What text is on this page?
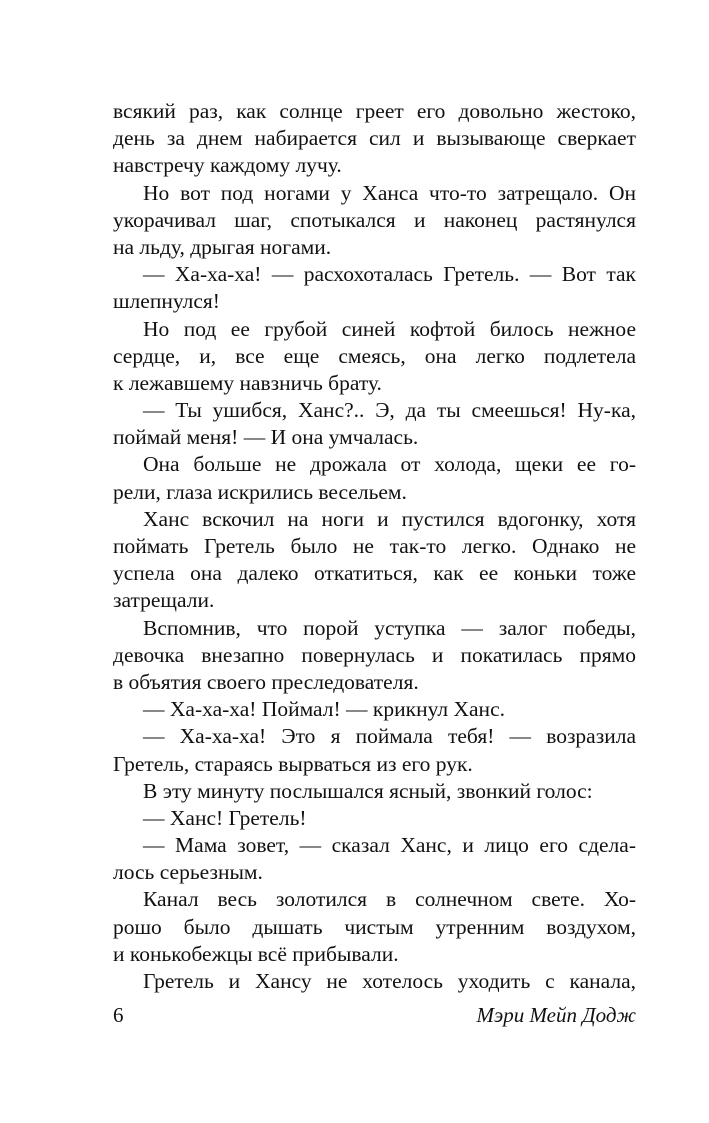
всякий раз, как солнце греет его довольно жестоко,
день за днем набирается сил и вызывающе сверкает
навстречу каждому лучу.
Но вот под ногами у Ханса что-то затрещало. Он
укорачивал шаг, спотыкался и наконец растянулся
на льду, дрыгая ногами.
— Ха-ха-ха! — расхохоталась Гретель. — Вот так
шлепнулся!
Но под ее грубой синей кофтой билось нежное
сердце, и, все еще смеясь, она легко подлетела
к лежавшему навзничь брату.
— Ты ушибся, Ханс?.. Э, да ты смеешься! Ну-ка,
поймай меня! — И она умчалась.
Она больше не дрожала от холода, щеки ее го-
рели, глаза искрились весельем.
Ханс вскочил на ноги и пустился вдогонку, хотя
поймать Гретель было не так-то легко. Однако не
успела она далеко откатиться, как ее коньки тоже
затрещали.
Вспомнив, что порой уступка — залог победы,
девочка внезапно повернулась и покатилась прямо
в объятия своего преследователя.
— Ха-ха-ха! Поймал! — крикнул Ханс.
— Ха-ха-ха! Это я поймала тебя! — возразила
Гретель, стараясь вырваться из его рук.
В эту минуту послышался ясный, звонкий голос:
— Ханс! Гретель!
— Мама зовет, — сказал Ханс, и лицо его сдела-
лось серьезным.
Канал весь золотился в солнечном свете. Хо-
рошо было дышать чистым утренним воздухом,
и конькобежцы всё прибывали.
Гретель и Хансу не хотелось уходить с канала,
6	Мэри Мейп Додж
